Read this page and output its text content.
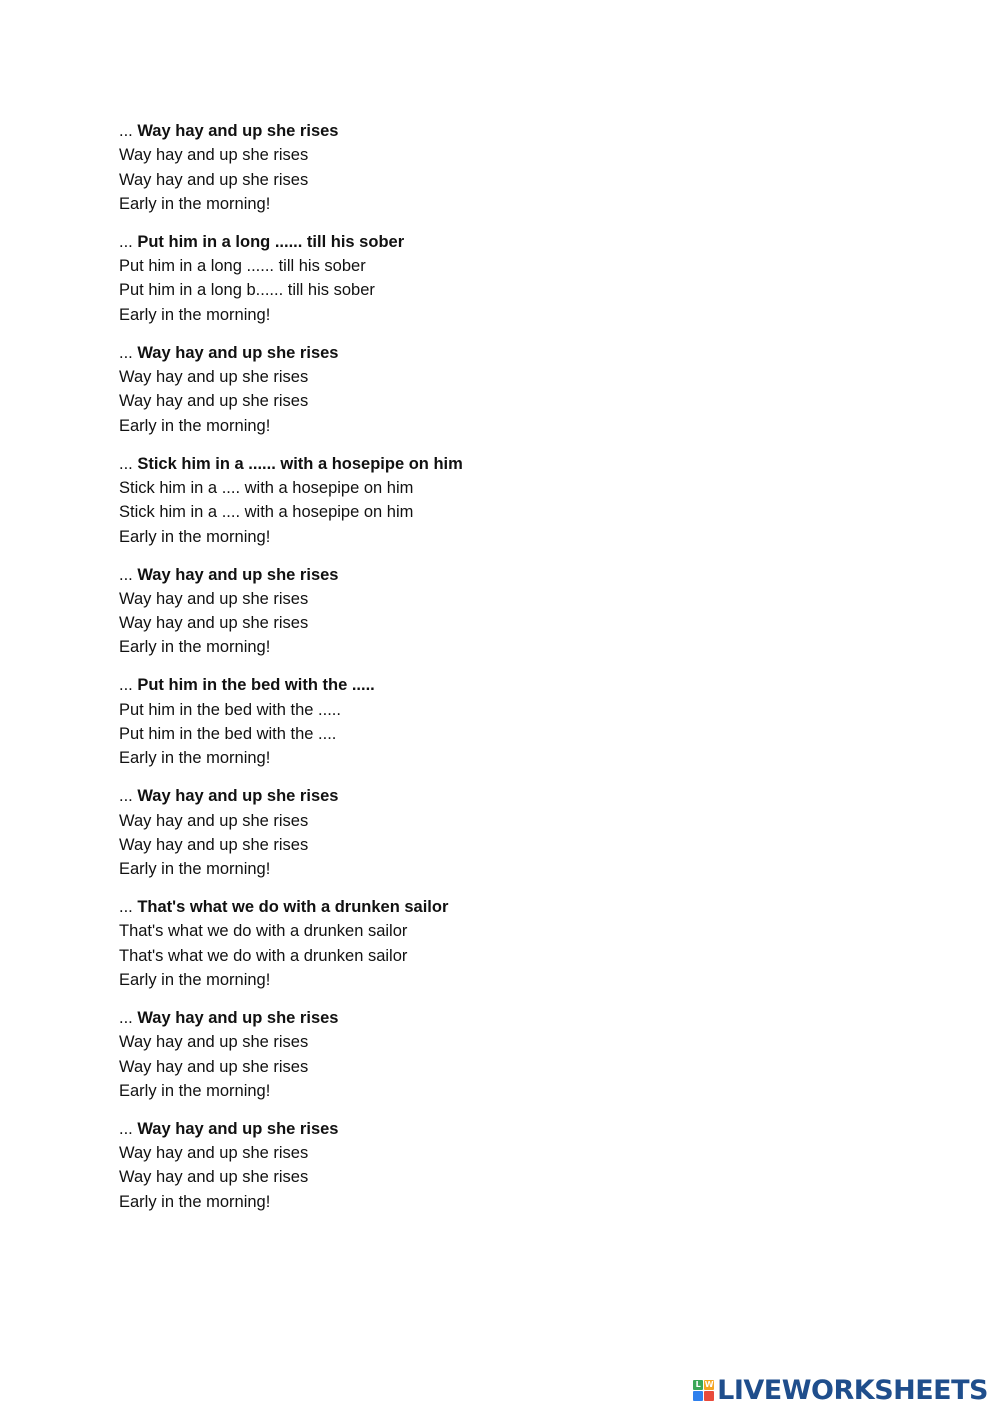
... Way hay and up she rises
Way hay and up she rises
Way hay and up she rises
Early in the morning!
... Put him in a long ...... till his sober
Put him in a long ...... till his sober
Put him in a long b...... till his sober
Early in the morning!
... Way hay and up she rises
Way hay and up she rises
Way hay and up she rises
Early in the morning!
... Stick him in a ...... with a hosepipe on him
Stick him in a .... with a hosepipe on him
Stick him in a .... with a hosepipe on him
Early in the morning!
... Way hay and up she rises
Way hay and up she rises
Way hay and up she rises
Early in the morning!
... Put him in the bed with the .....
Put him in the bed with the .....
Put him in the bed with the ....
Early in the morning!
... Way hay and up she rises
Way hay and up she rises
Way hay and up she rises
Early in the morning!
... That's what we do with a drunken sailor
That's what we do with a drunken sailor
That's what we do with a drunken sailor
Early in the morning!
... Way hay and up she rises
Way hay and up she rises
Way hay and up she rises
Early in the morning!
... Way hay and up she rises
Way hay and up she rises
Way hay and up she rises
Early in the morning!
L W LIVEWORKSHEETS
